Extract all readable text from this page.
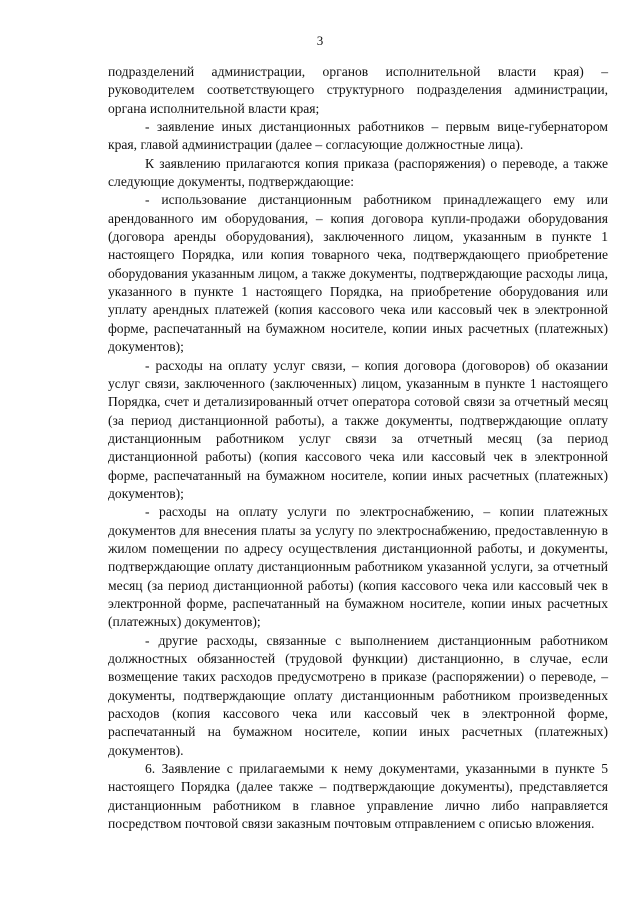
3

подразделений администрации, органов исполнительной власти края) – руководителем соответствующего структурного подразделения администрации, органа исполнительной власти края;

- заявление иных дистанционных работников – первым вице-губернатором края, главой администрации (далее – согласующие должностные лица).

К заявлению прилагаются копия приказа (распоряжения) о переводе, а также следующие документы, подтверждающие:

- использование дистанционным работником принадлежащего ему или арендованного им оборудования, – копия договора купли-продажи оборудования (договора аренды оборудования), заключенного лицом, указанным в пункте 1 настоящего Порядка, или копия товарного чека, подтверждающего приобретение оборудования указанным лицом, а также документы, подтверждающие расходы лица, указанного в пункте 1 настоящего Порядка, на приобретение оборудования или уплату арендных платежей (копия кассового чека или кассовый чек в электронной форме, распечатанный на бумажном носителе, копии иных расчетных (платежных) документов);

- расходы на оплату услуг связи, – копия договора (договоров) об оказании услуг связи, заключенного (заключенных) лицом, указанным в пункте 1 настоящего Порядка, счет и детализированный отчет оператора сотовой связи за отчетный месяц (за период дистанционной работы), а также документы, подтверждающие оплату дистанционным работником услуг связи за отчетный месяц (за период дистанционной работы) (копия кассового чека или кассовый чек в электронной форме, распечатанный на бумажном носителе, копии иных расчетных (платежных) документов);

- расходы на оплату услуги по электроснабжению, – копии платежных документов для внесения платы за услугу по электроснабжению, предоставленную в жилом помещении по адресу осуществления дистанционной работы, и документы, подтверждающие оплату дистанционным работником указанной услуги, за отчетный месяц (за период дистанционной работы) (копия кассового чека или кассовый чек в электронной форме, распечатанный на бумажном носителе, копии иных расчетных (платежных) документов);

- другие расходы, связанные с выполнением дистанционным работником должностных обязанностей (трудовой функции) дистанционно, в случае, если возмещение таких расходов предусмотрено в приказе (распоряжении) о переводе, – документы, подтверждающие оплату дистанционным работником произведенных расходов (копия кассового чека или кассовый чек в электронной форме, распечатанный на бумажном носителе, копии иных расчетных (платежных) документов).

6. Заявление с прилагаемыми к нему документами, указанными в пункте 5 настоящего Порядка (далее также – подтверждающие документы), представляется дистанционным работником в главное управление лично либо направляется посредством почтовой связи заказным почтовым отправлением с описью вложения.
